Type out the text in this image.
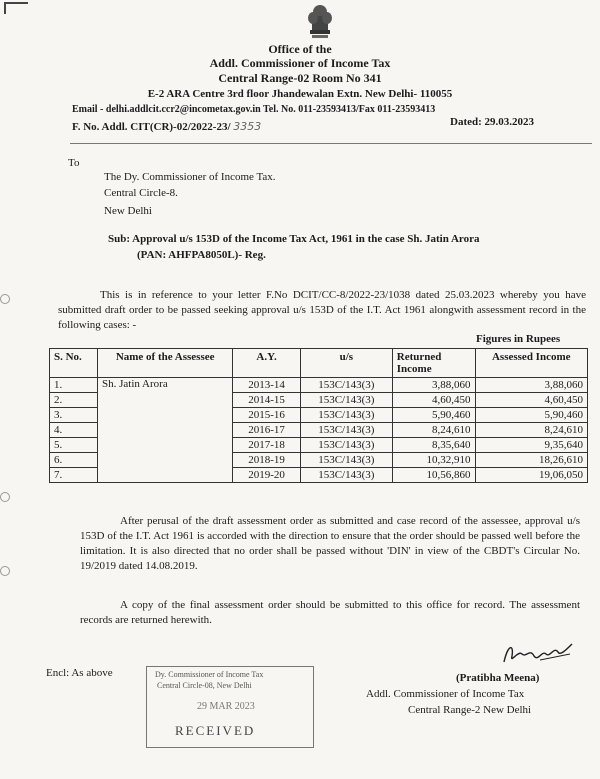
Office of the
Addl. Commissioner of Income Tax
Central Range-02 Room No 341
E-2 ARA Centre 3rd floor Jhandewalan Extn. New Delhi- 110055
Email - delhi.addlcit.ccr2@incometax.gov.in Tel. No. 011-23593413/Fax 011-23593413
F. No. Addl. CIT(CR)-02/2022-23/ 3353	Dated: 29.03.2023
To
The Dy. Commissioner of Income Tax.
Central Circle-8.
New Delhi
Sub: Approval u/s 153D of the Income Tax Act, 1961 in the case Sh. Jatin Arora
(PAN: AHFPA8050L)- Reg.
This is in reference to your letter F.No DCIT/CC-8/2022-23/1038 dated 25.03.2023 whereby you have submitted draft order to be passed seeking approval u/s 153D of the I.T. Act 1961 alongwith assessment record in the following cases: -
Figures in Rupees
S. No.	Name of the Assessee	A.Y.	u/s	Returned Income	Assessed Income
1.	Sh. Jatin Arora	2013-14	153C/143(3)	3,88,060	3,88,060
2.		2014-15	153C/143(3)	4,60,450	4,60,450
3.		2015-16	153C/143(3)	5,90,460	5,90,460
4.		2016-17	153C/143(3)	8,24,610	8,24,610
5.		2017-18	153C/143(3)	8,35,640	9,35,640
6.		2018-19	153C/143(3)	10,32,910	18,26,610
7.		2019-20	153C/143(3)	10,56,860	19,06,050
After perusal of the draft assessment order as submitted and case record of the assessee, approval u/s 153D of the I.T. Act 1961 is accorded with the direction to ensure that the order should be passed well before the limitation. It is also directed that no order shall be passed without 'DIN' in view of the CBDT's Circular No. 19/2019 dated 14.08.2019.
A copy of the final assessment order should be submitted to this office for record. The assessment records are returned herewith.
Encl: As above	Dy. Commissioner of Income Tax
Central Circle-08, New Delhi
29 MAR 2023
RECEIVED
(Pratibha Meena)
Addl. Commissioner of Income Tax
Central Range-2 New Delhi
